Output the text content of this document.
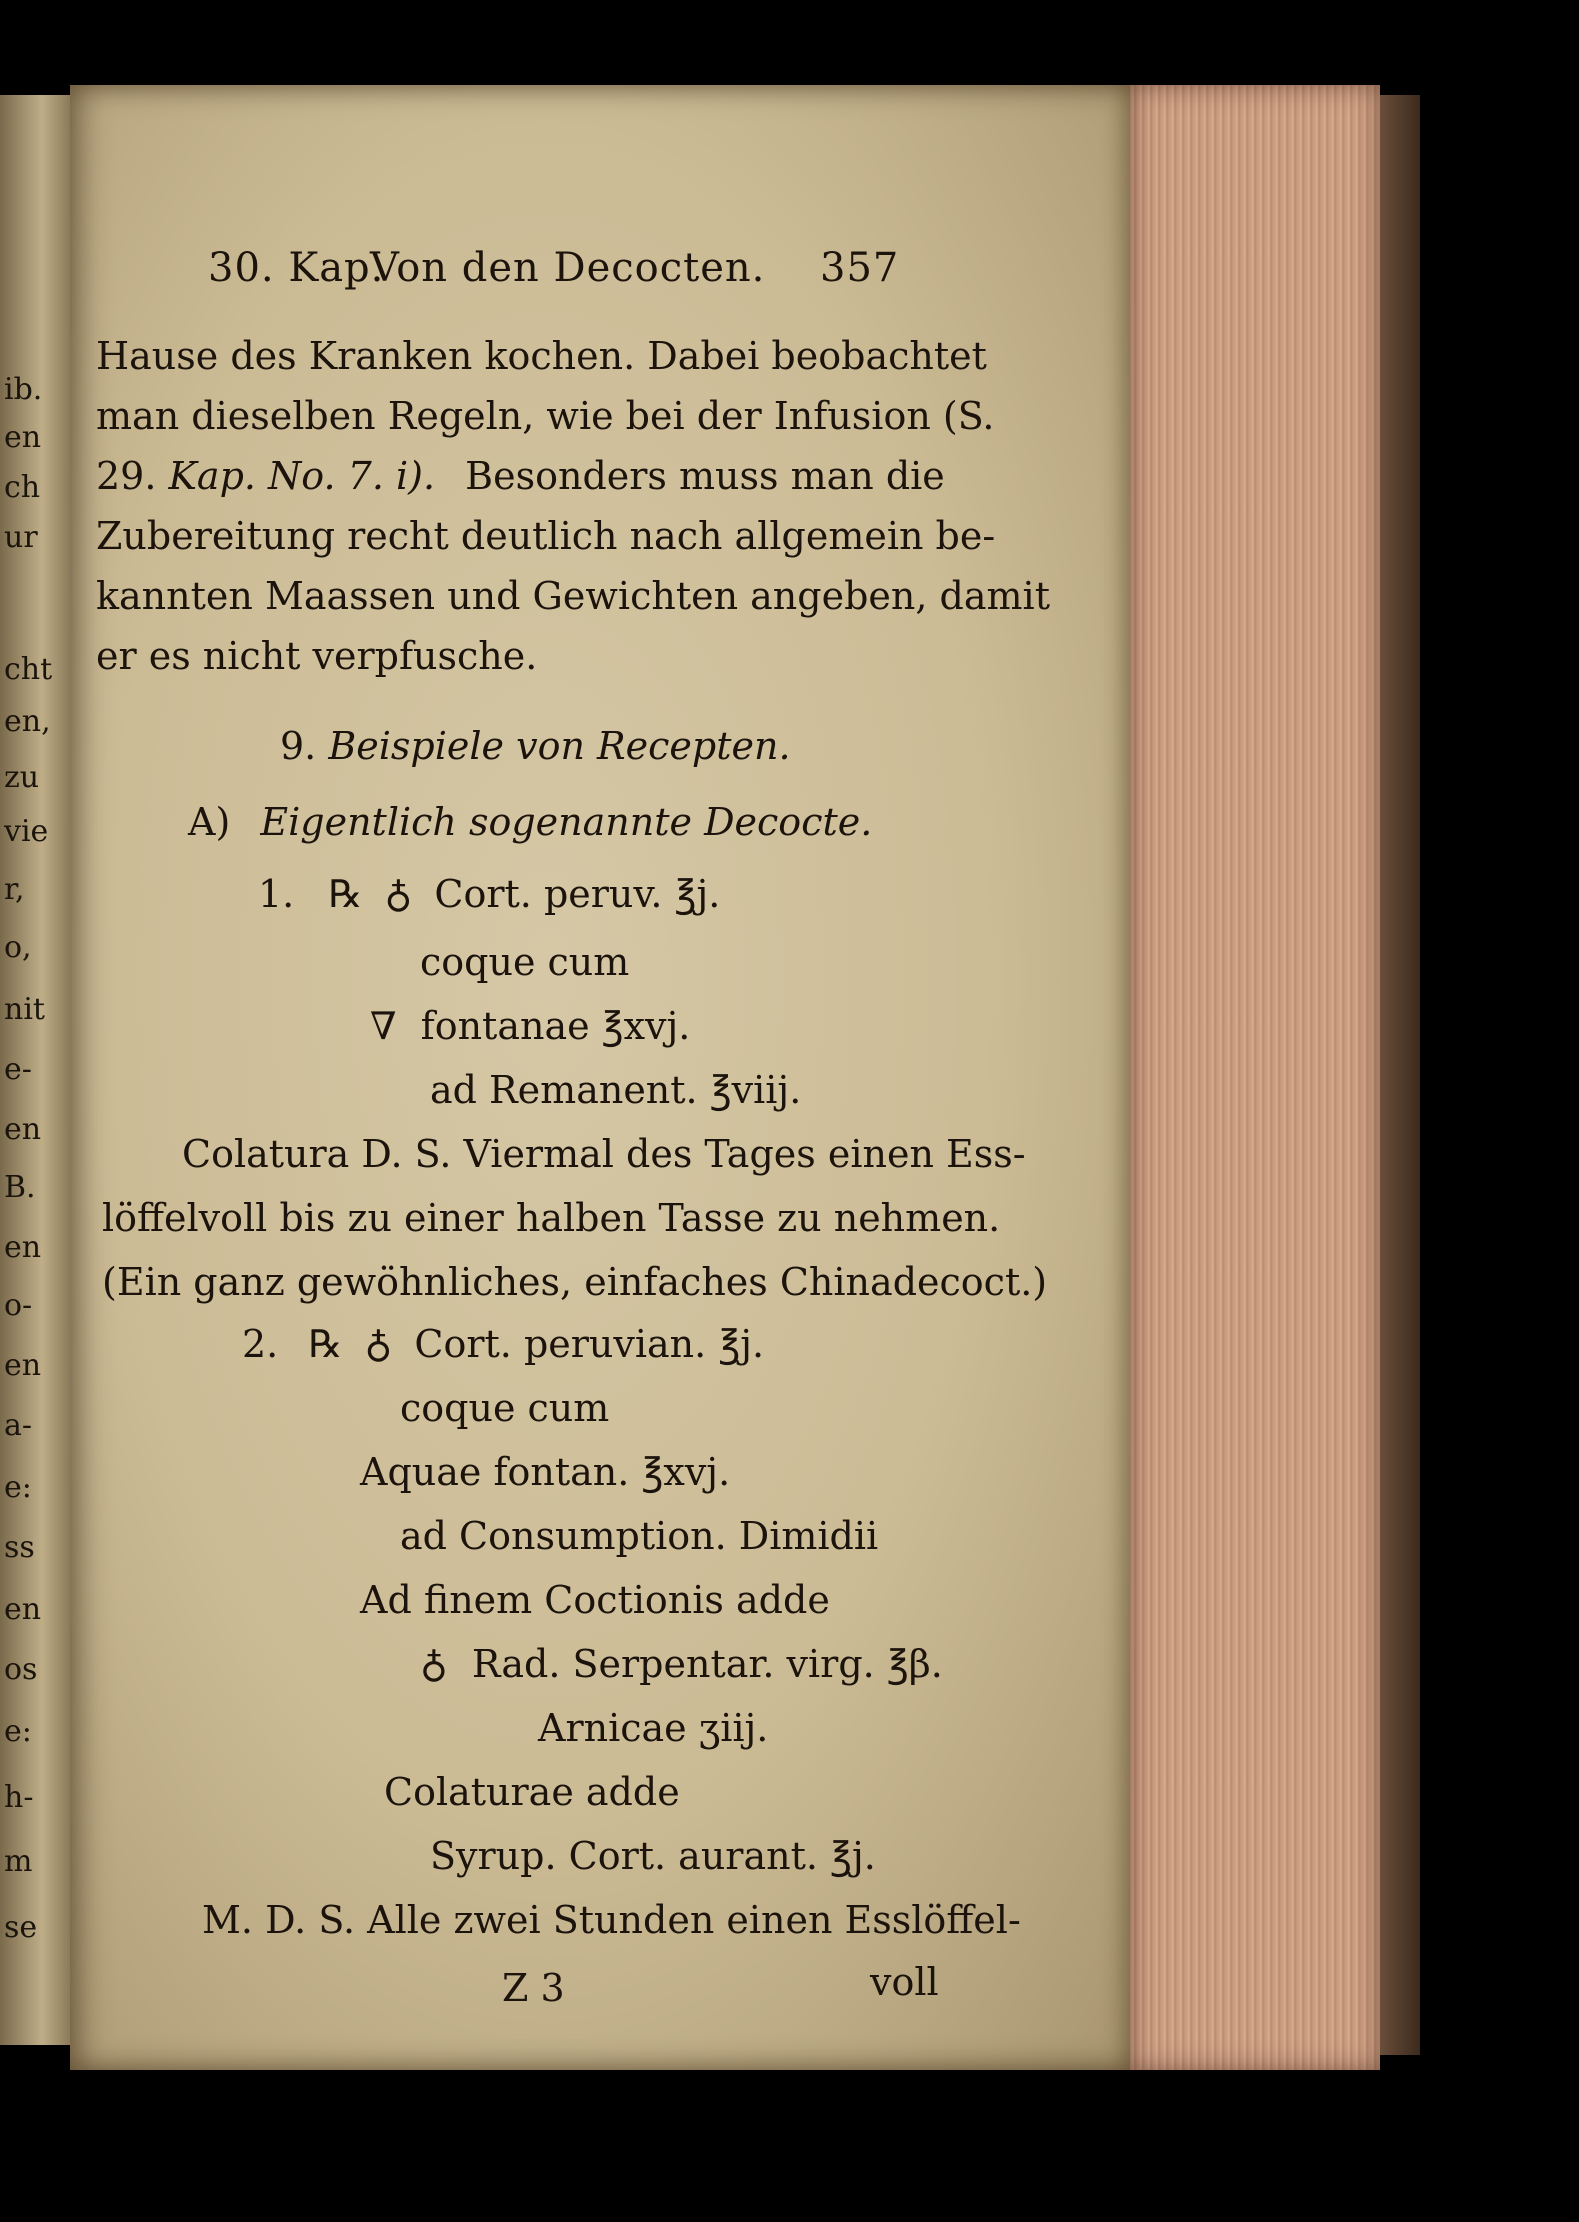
ib.
en
ch
ur
cht
en,
zu
vie
r,
o,
nit
e-
en
B.
en
o-
en
a-
e:
ss
en
os
e:
h-
m
se
30. Kap.
Von den Decocten. 357
Hause des Kranken kochen. Dabei beobachtet
man dieselben Regeln, wie bei der Infusion (S.
29. Kap. No. 7. i). Besonders muss man die
Zubereitung recht deutlich nach allgemein be-
kannten Maassen und Gewichten angeben, damit
er es nicht verpfusche.
9. Beispiele von Recepten.
A) Eigentlich sogenannte Decocte.
1. ℞ ♁ Cort. peruv. ℥j.
coque cum
∇ fontanae ℥xvj.
ad Remanent. ℥viij.
Colatura D. S. Viermal des Tages einen Ess-
löffelvoll bis zu einer halben Tasse zu nehmen.
(Ein ganz gewöhnliches, einfaches Chinadecoct.)
2. ℞ ♁ Cort. peruvian. ℥j.
coque cum
Aquae fontan. ℥xvj.
ad Consumption. Dimidii
Ad finem Coctionis adde
♁ Rad. Serpentar. virg. ℥β.
Arnicae ʒiij.
Colaturae adde
Syrup. Cort. aurant. ℥j.
M. D. S. Alle zwei Stunden einen Esslöffel-
Z 3	voll
